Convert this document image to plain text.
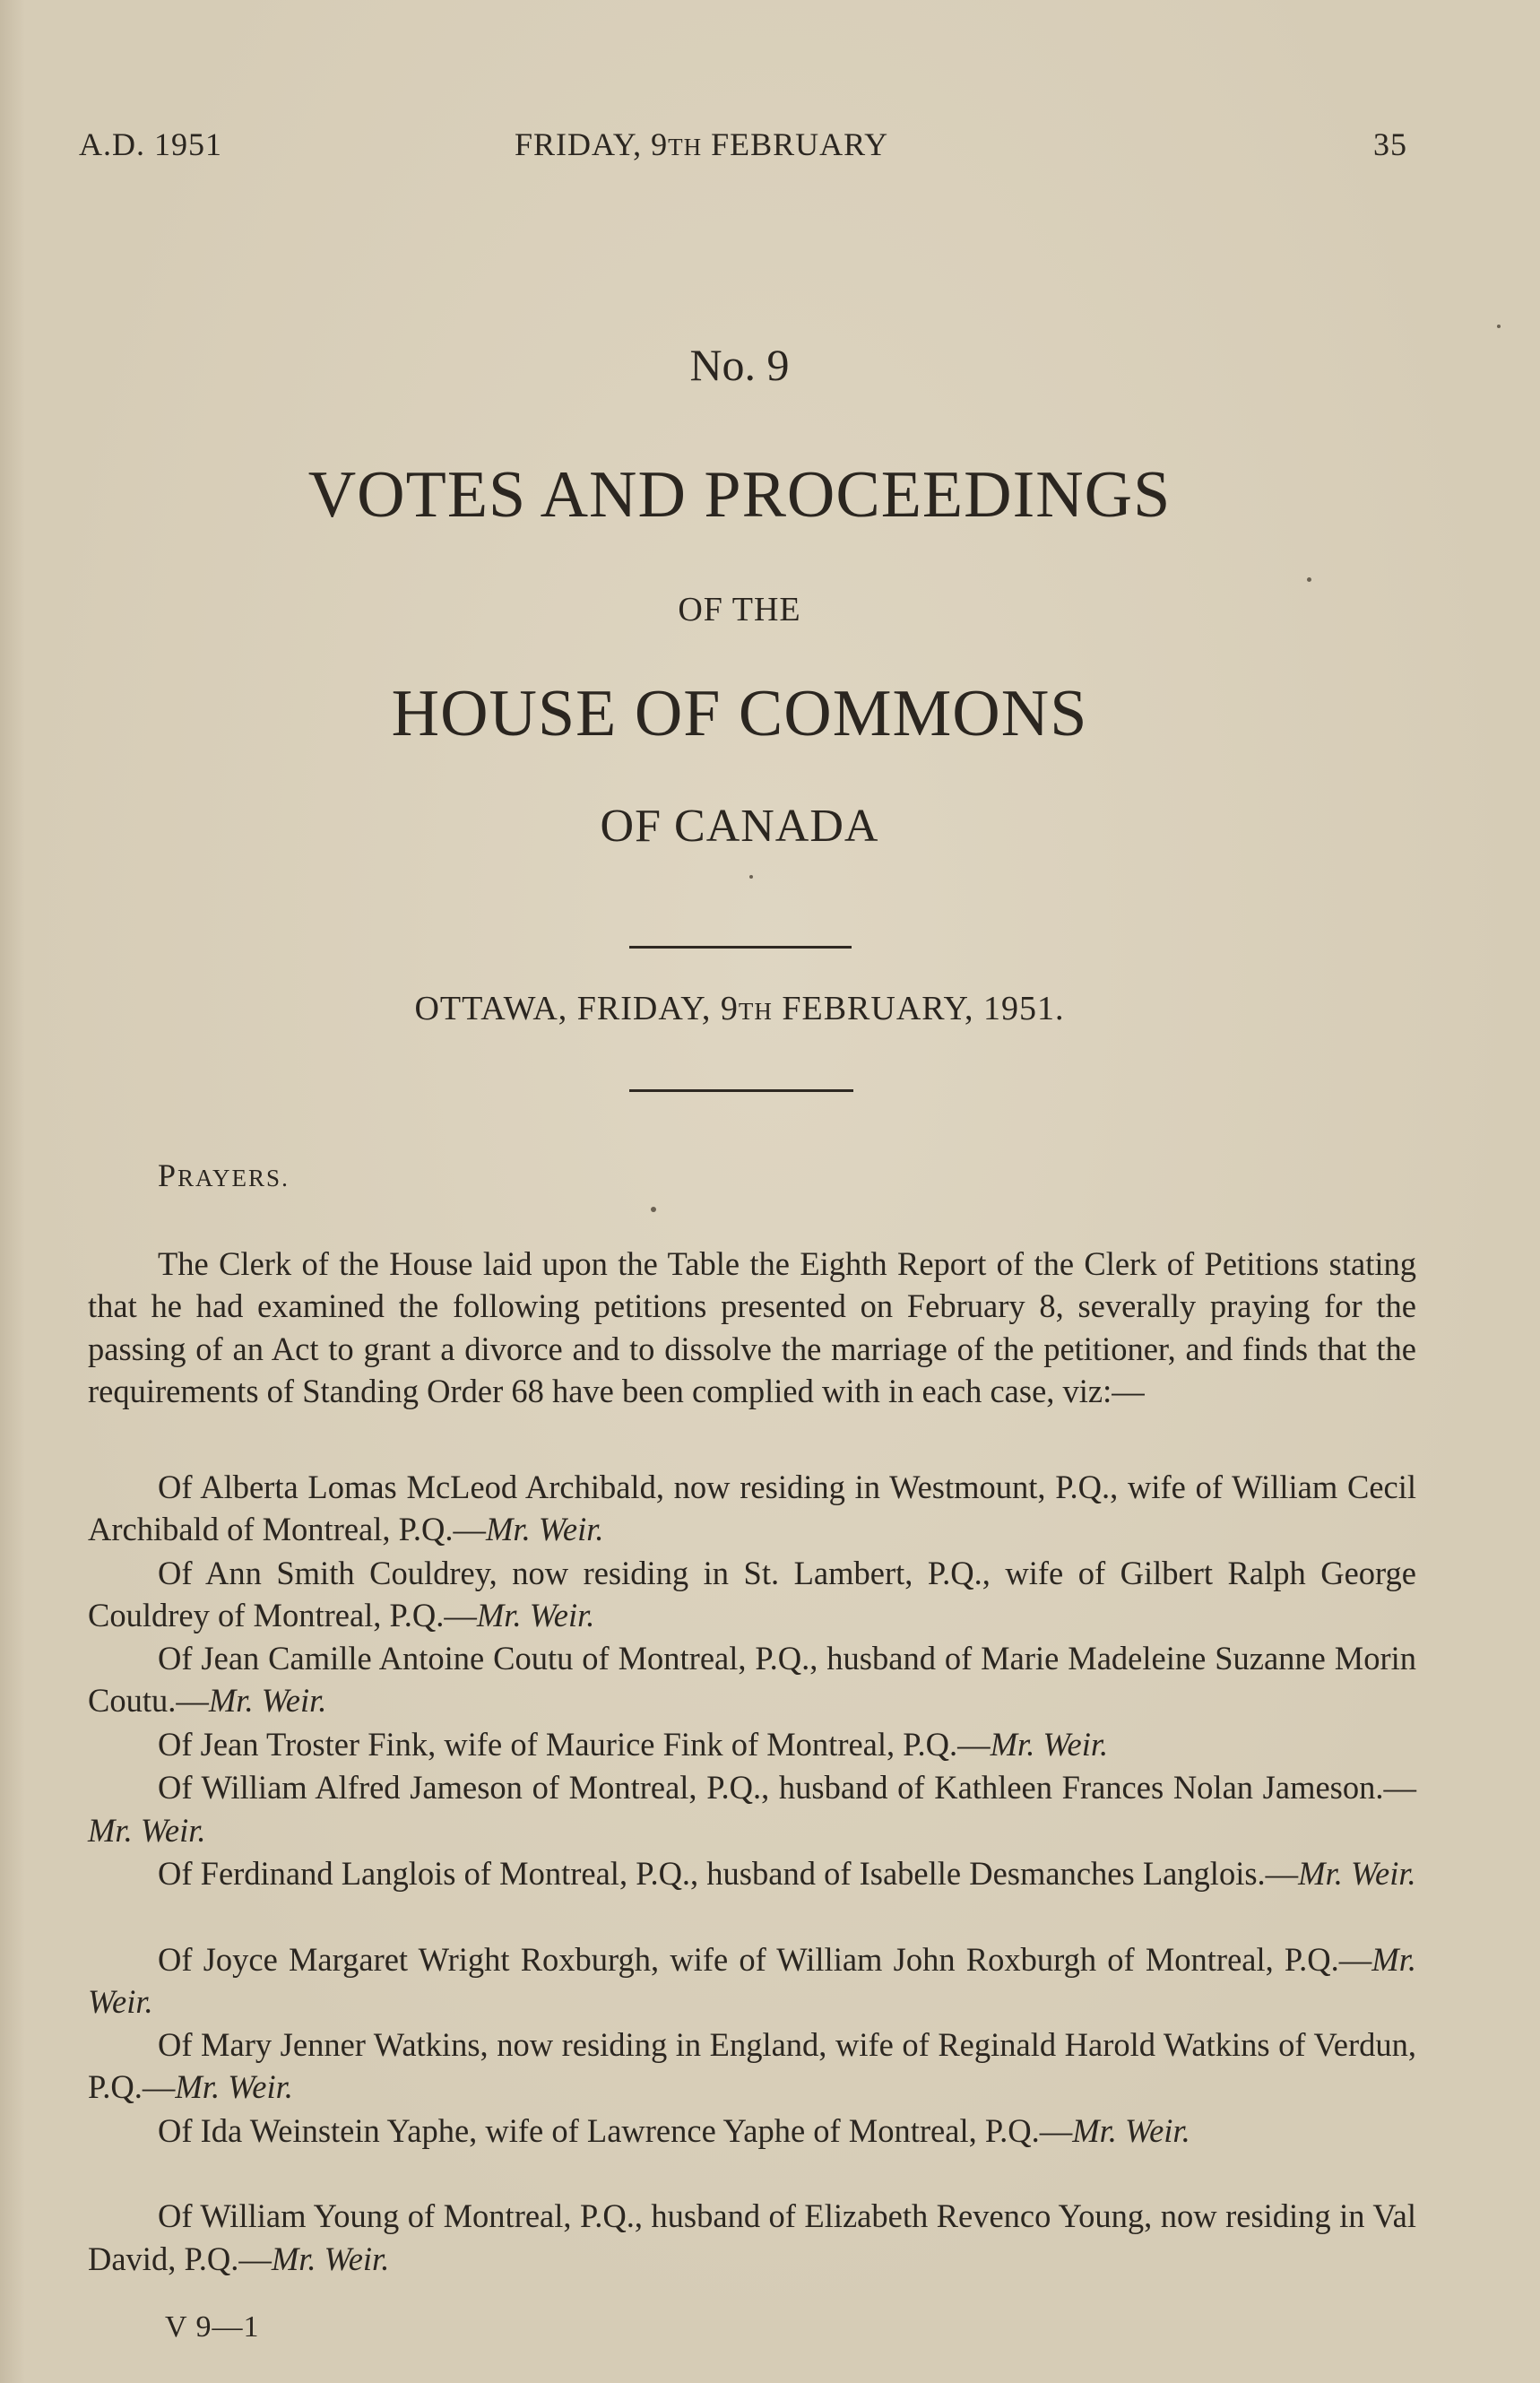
A.D. 1951	FRIDAY, 9TH FEBRUARY	35
No. 9
VOTES AND PROCEEDINGS
OF THE
HOUSE OF COMMONS
OF CANADA
OTTAWA, FRIDAY, 9TH FEBRUARY, 1951.
PRAYERS.
The Clerk of the House laid upon the Table the Eighth Report of the Clerk of Petitions stating that he had examined the following petitions presented on February 8, severally praying for the passing of an Act to grant a divorce and to dissolve the marriage of the petitioner, and finds that the requirements of Standing Order 68 have been complied with in each case, viz:—
Of Alberta Lomas McLeod Archibald, now residing in Westmount, P.Q., wife of William Cecil Archibald of Montreal, P.Q.—Mr. Weir.
Of Ann Smith Couldrey, now residing in St. Lambert, P.Q., wife of Gilbert Ralph George Couldrey of Montreal, P.Q.—Mr. Weir.
Of Jean Camille Antoine Coutu of Montreal, P.Q., husband of Marie Madeleine Suzanne Morin Coutu.—Mr. Weir.
Of Jean Troster Fink, wife of Maurice Fink of Montreal, P.Q.—Mr. Weir.
Of William Alfred Jameson of Montreal, P.Q., husband of Kathleen Frances Nolan Jameson.—Mr. Weir.
Of Ferdinand Langlois of Montreal, P.Q., husband of Isabelle Desmanches Langlois.—Mr. Weir.
Of Joyce Margaret Wright Roxburgh, wife of William John Roxburgh of Montreal, P.Q.—Mr. Weir.
Of Mary Jenner Watkins, now residing in England, wife of Reginald Harold Watkins of Verdun, P.Q.—Mr. Weir.
Of Ida Weinstein Yaphe, wife of Lawrence Yaphe of Montreal, P.Q.—Mr. Weir.
Of William Young of Montreal, P.Q., husband of Elizabeth Revenco Young, now residing in Val David, P.Q.—Mr. Weir.
V 9—1
